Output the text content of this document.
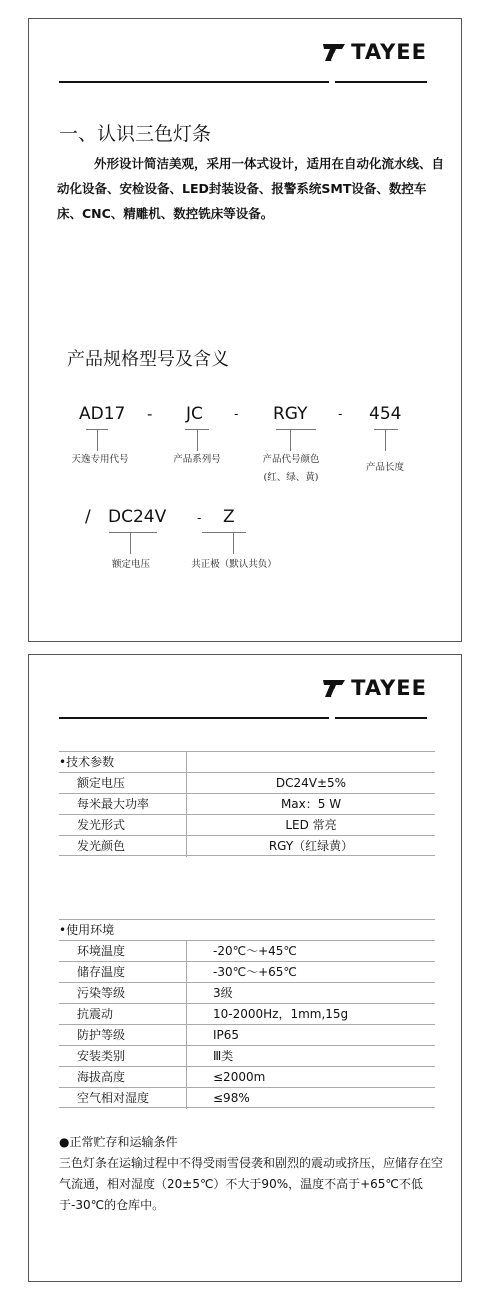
TAYEE
一、认识三色灯条
外形设计简洁美观，采用一体式设计，适用在自动化流水线、自动化设备、安检设备、LED封装设备、报警系统SMT设备、数控车床、CNC、精雕机、数控铣床等设备。
产品规格型号及含义
AD17 - JC	- RGY	- 454
天逸专用代号	产品系列号	产品代号颜色
(红、绿、黄)
产品长度
/ DC24V	- Z
额定电压	共正极（默认共负）
TAYEE
•技术参数
额定电压	DC24V±5%
每米最大功率	Max：5 W
发光形式	LED 常亮
发光颜色	RGY（红绿黄）
•使用环境
环境温度	-20℃～+45℃
储存温度	-30℃～+65℃
污染等级	3级
抗震动	10-2000Hz，1mm,15g
防护等级	IP65
安装类别	Ⅲ类
海拔高度	≤2000m
空气相对湿度	≤98%
●正常贮存和运输条件
三色灯条在运输过程中不得受雨雪侵袭和剧烈的震动或挤压，应储存在空气流通，相对湿度（20±5℃）不大于90%，温度不高于+65℃不低于-30℃的仓库中。
